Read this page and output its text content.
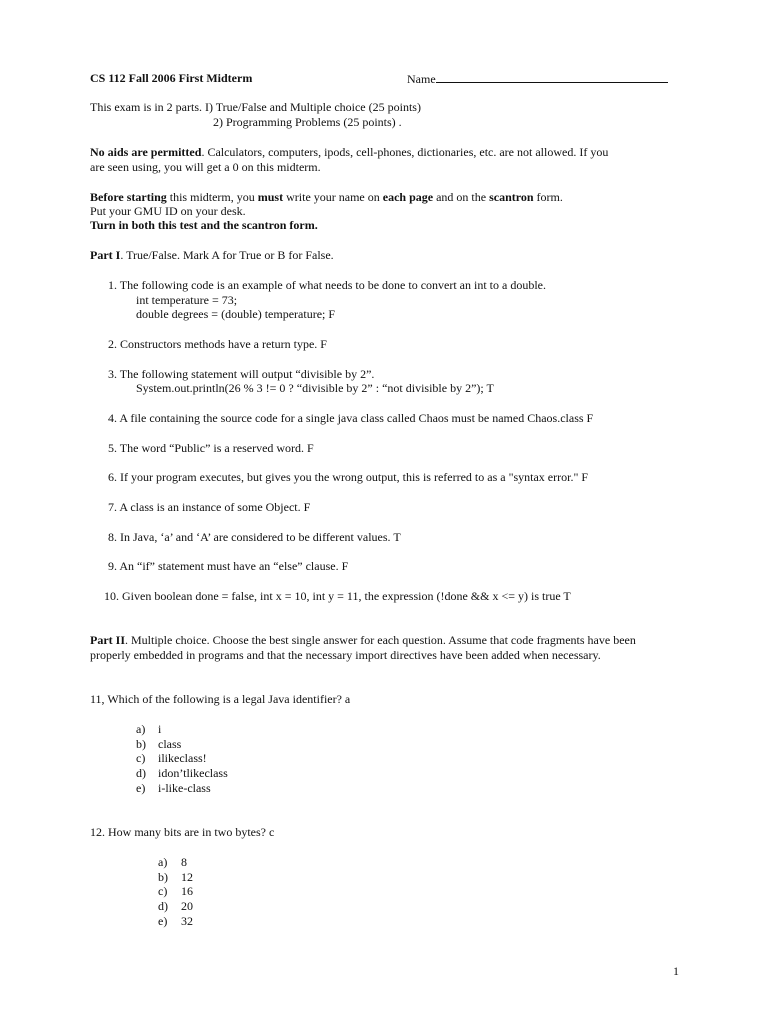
CS 112 Fall 2006 First Midterm	Name
This exam is in 2 parts. I) True/False and Multiple choice (25 points)
2) Programming Problems (25 points) .
No aids are permitted. Calculators, computers, ipods, cell-phones, dictionaries, etc. are not allowed. If you
are seen using, you will get a 0 on this midterm.
Before starting this midterm, you must write your name on each page and on the scantron form.
Put your GMU ID on your desk.
Turn in both this test and the scantron form.
Part I. True/False. Mark A for True or B for False.
1. The following code is an example of what needs to be done to convert an int to a double.
int temperature = 73;
double degrees = (double) temperature; F
2. Constructors methods have a return type. F
3. The following statement will output “divisible by 2”.
System.out.println(26 % 3 != 0 ? “divisible by 2” : “not divisible by 2”); T
4. A file containing the source code for a single java class called Chaos must be named Chaos.class F
5. The word “Public” is a reserved word. F
6. If your program executes, but gives you the wrong output, this is referred to as a "syntax error." F
7. A class is an instance of some Object. F
8. In Java, ‘a’ and ‘A’ are considered to be different values. T
9. An “if” statement must have an “else” clause. F
10. Given boolean done = false, int x = 10, int y = 11, the expression (!done && x <= y) is true T
Part II. Multiple choice. Choose the best single answer for each question. Assume that code fragments have been
properly embedded in programs and that the necessary import directives have been added when necessary.
11, Which of the following is a legal Java identifier? a
a) i
b) class
c) ilikeclass!
d) idon’tlikeclass
e) i-like-class
12. How many bits are in two bytes? c
a) 8
b) 12
c) 16
d) 20
e) 32
1
